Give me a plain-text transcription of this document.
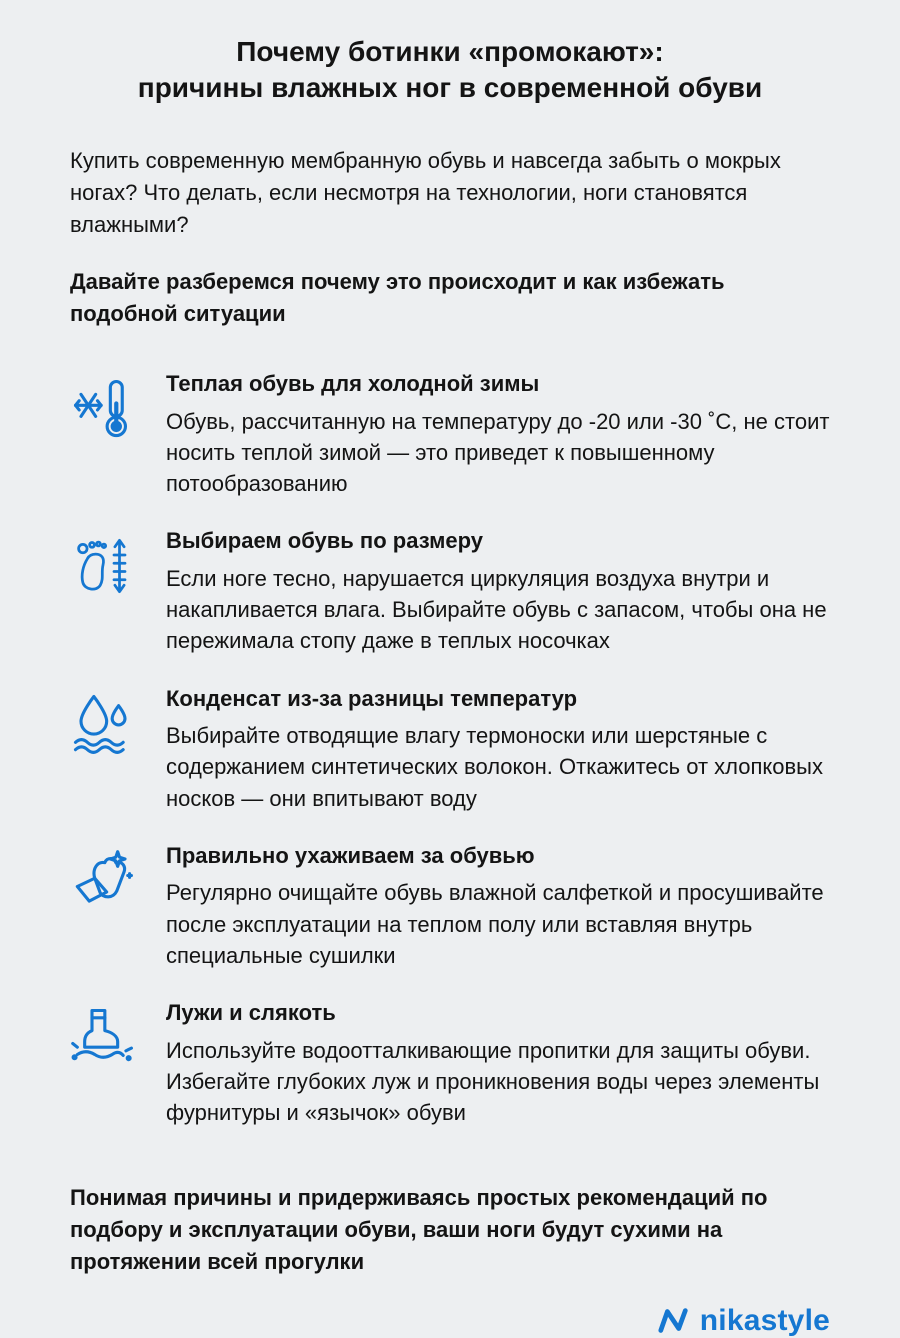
Почему ботинки «промокают»:
причины влажных ног в современной обуви

Купить современную мембранную обувь и навсегда забыть о мокрых ногах? Что делать, если несмотря на технологии, ноги становятся влажными?

Давайте разберемся почему это происходит и как избежать подобной ситуации

Теплая обувь для холодной зимы

Обувь, рассчитанную на температуру до -20 или -30 ˚С, не стоит носить теплой зимой — это приведет к повышенному потообразованию

Выбираем обувь по размеру

Если ноге тесно, нарушается циркуляция воздуха внутри и накапливается влага. Выбирайте обувь с запасом, чтобы она не пережимала стопу даже в теплых носочках

Конденсат из-за разницы температур

Выбирайте отводящие влагу термоноски или шерстяные с содержанием синтетических волокон. Откажитесь от хлопковых носков — они впитывают воду

Правильно ухаживаем за обувью

Регулярно очищайте обувь влажной салфеткой и просушивайте после эксплуатации на теплом полу или вставляя внутрь специальные сушилки

Лужи и слякоть

Используйте водоотталкивающие пропитки для защиты обуви. Избегайте глубоких луж и проникновения воды через элементы фурнитуры и «язычок» обуви

Понимая причины и придерживаясь простых рекомендаций по подбору и эксплуатации обуви, ваши ноги будут сухими на протяжении всей прогулки

nikastyle
